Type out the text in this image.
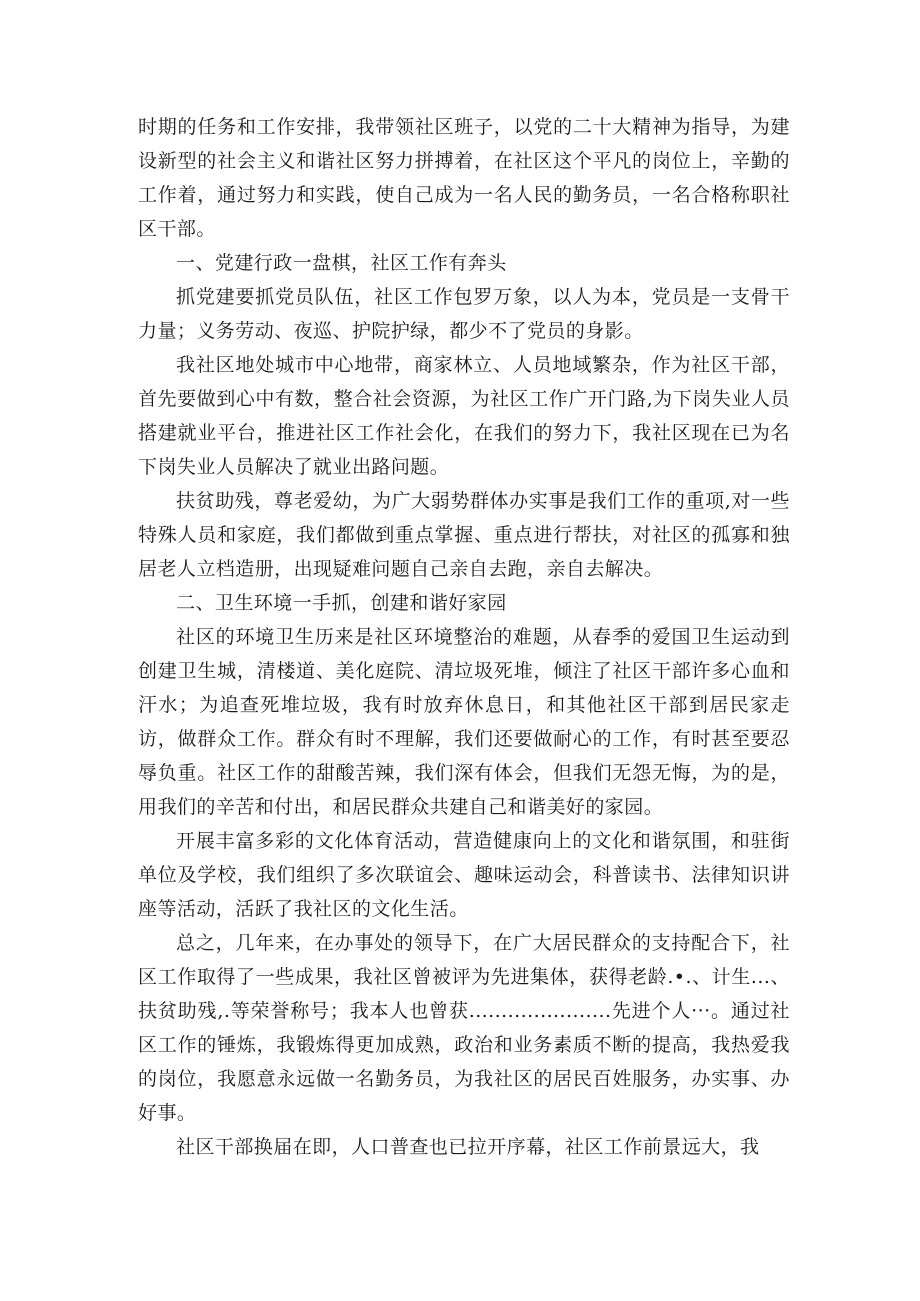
时期的任务和工作安排，我带领社区班子，以党的二十大精神为指导，为建设新型的社会主义和谐社区努力拼搏着，在社区这个平凡的岗位上，辛勤的工作着，通过努力和实践，使自己成为一名人民的勤务员，一名合格称职社区干部。

一、党建行政一盘棋，社区工作有奔头

抓党建要抓党员队伍，社区工作包罗万象，以人为本，党员是一支骨干力量；义务劳动、夜巡、护院护绿，都少不了党员的身影。

我社区地处城市中心地带，商家林立、人员地域繁杂，作为社区干部，首先要做到心中有数，整合社会资源，为社区工作广开门路,为下岗失业人员搭建就业平台，推进社区工作社会化，在我们的努力下，我社区现在已为名下岗失业人员解决了就业出路问题。

扶贫助残，尊老爱幼，为广大弱势群体办实事是我们工作的重项,对一些特殊人员和家庭，我们都做到重点掌握、重点进行帮扶，对社区的孤寡和独居老人立档造册，出现疑难问题自己亲自去跑，亲自去解决。

二、卫生环境一手抓，创建和谐好家园

社区的环境卫生历来是社区环境整治的难题，从春季的爱国卫生运动到创建卫生城，清楼道、美化庭院、清垃圾死堆，倾注了社区干部许多心血和汗水；为追查死堆垃圾，我有时放弃休息日，和其他社区干部到居民家走访，做群众工作。群众有时不理解，我们还要做耐心的工作，有时甚至要忍辱负重。社区工作的甜酸苦辣，我们深有体会，但我们无怨无悔，为的是，用我们的辛苦和付出，和居民群众共建自己和谐美好的家园。

开展丰富多彩的文化体育活动，营造健康向上的文化和谐氛围，和驻街单位及学校，我们组织了多次联谊会、趣味运动会，科普读书、法律知识讲座等活动，活跃了我社区的文化生活。

总之，几年来，在办事处的领导下，在广大居民群众的支持配合下，社区工作取得了一些成果，我社区曾被评为先进集体，获得老龄.•.、计生...、扶贫助残,.等荣誉称号；我本人也曾获......................先进个人···。通过社区工作的锤炼，我锻炼得更加成熟，政治和业务素质不断的提高，我热爱我的岗位，我愿意永远做一名勤务员，为我社区的居民百姓服务，办实事、办好事。

社区干部换届在即，人口普查也已拉开序幕，社区工作前景远大，我
